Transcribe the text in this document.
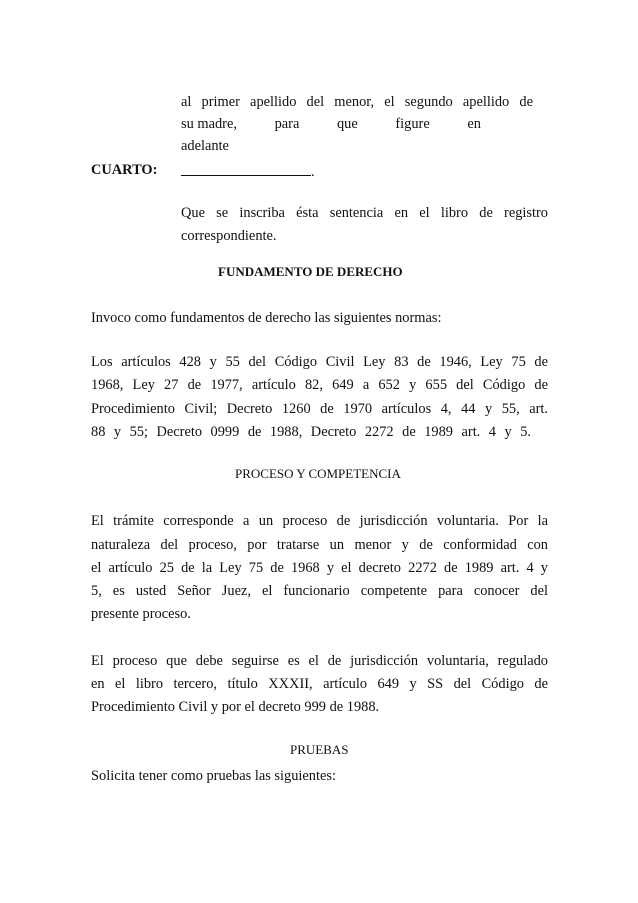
al primer apellido del menor, el segundo apellido de
su madre,	para	que	figure	en
adelante
CUARTO:	.
Que se inscriba ésta sentencia en el libro de registro
correspondiente.
FUNDAMENTO DE DERECHO
Invoco como fundamentos de derecho las siguientes normas:
Los artículos 428 y 55 del Código Civil Ley 83 de 1946, Ley 75 de
1968, Ley 27 de 1977, artículo 82, 649 a 652 y 655 del Código de
Procedimiento Civil; Decreto 1260 de 1970 artículos 4, 44 y 55, art.
88 y 55; Decreto 0999 de 1988, Decreto 2272 de 1989 art. 4 y 5.
PROCESO Y COMPETENCIA
El trámite corresponde a un proceso de jurisdicción voluntaria. Por la
naturaleza del proceso, por tratarse un menor y de conformidad con
el artículo 25 de la Ley 75 de 1968 y el decreto 2272 de 1989 art. 4 y
5, es usted Señor Juez, el funcionario competente para conocer del
presente proceso.
El proceso que debe seguirse es el de jurisdicción voluntaria, regulado
en el libro tercero, título XXXII, artículo 649 y SS del Código de
Procedimiento Civil y por el decreto 999 de 1988.
PRUEBAS
Solicita tener como pruebas las siguientes:
